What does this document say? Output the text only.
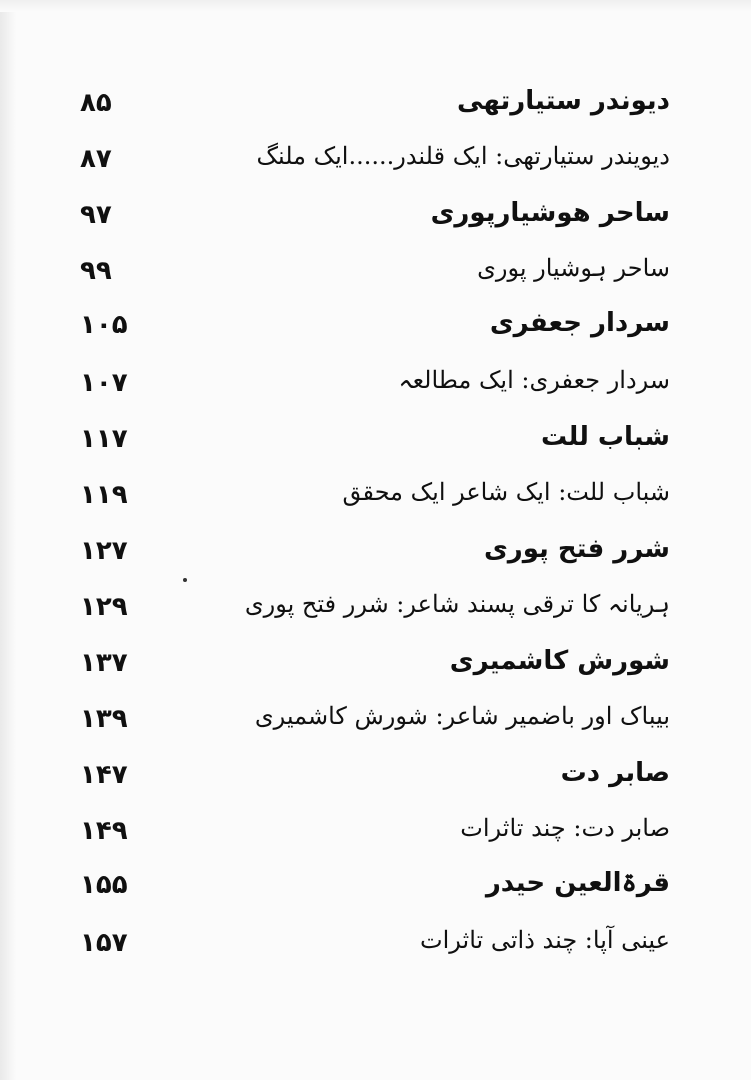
۸۵	دیوندر ستیارتھی
۸۷	دیویندر ستیارتھی: ایک قلندر......ایک ملنگ
۹۷	ساحر ھوشیارپوری
۹۹	ساحر ہوشیار پوری
۱۰۵	سردار جعفری
۱۰۷	سردار جعفری: ایک مطالعہ
۱۱۷	شباب للت
۱۱۹	شباب للت: ایک شاعر ایک محقق
۱۲۷	شرر فتح پوری
۱۲۹	ہریانہ کا ترقی پسند شاعر: شرر فتح پوری
۱۳۷	شورش کاشمیری
۱۳۹	بیباک اور باضمیر شاعر: شورش کاشمیری
۱۴۷	صابر دت
۱۴۹	صابر دت: چند تاثرات
۱۵۵	قرۃالعین حیدر
۱۵۷	عینی آپا: چند ذاتی تاثرات
